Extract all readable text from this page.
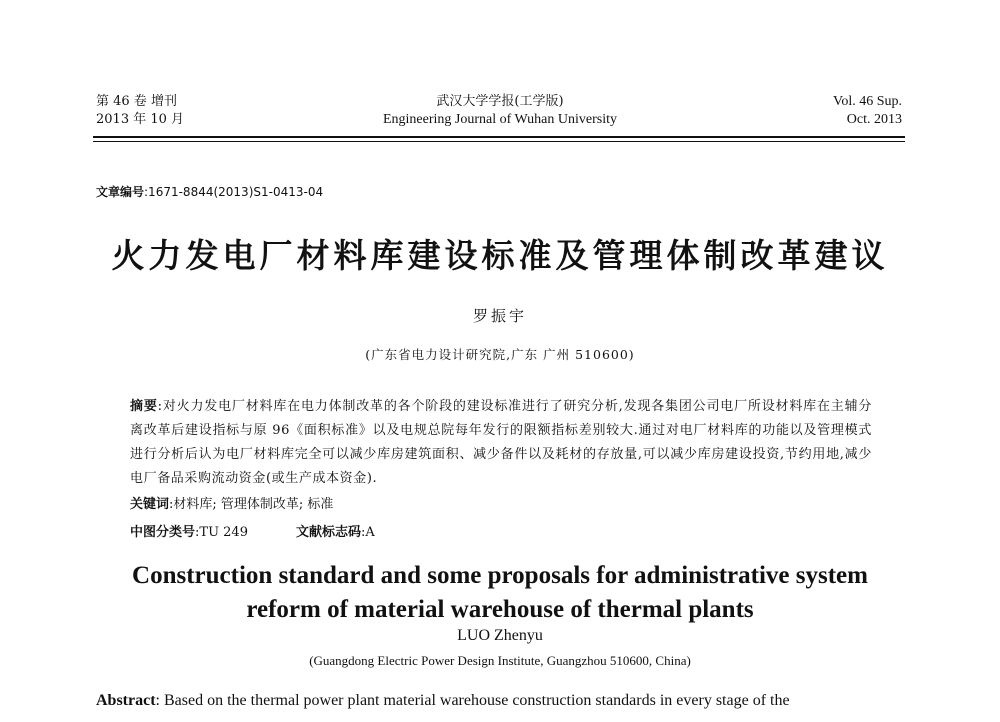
第 46 卷 增刊
2013 年 10 月
武汉大学学报(工学版)
Engineering Journal of Wuhan University
Vol. 46 Sup.
Oct. 2013
文章编号:1671-8844(2013)S1-0413-04
火力发电厂材料库建设标准及管理体制改革建议
罗振宇
(广东省电力设计研究院,广东 广州 510600)
摘要:对火力发电厂材料库在电力体制改革的各个阶段的建设标准进行了研究分析,发现各集团公司电厂所设材料库在主辅分离改革后建设指标与原 96《面积标准》以及电规总院每年发行的限额指标差别较大.通过对电厂材料库的功能以及管理模式进行分析后认为电厂材料库完全可以减少库房建筑面积、减少备件以及耗材的存放量,可以减少库房建设投资,节约用地,减少电厂备品采购流动资金(或生产成本资金).
关键词:材料库; 管理体制改革; 标准
中图分类号:TU 249	文献标志码:A
Construction standard and some proposals for administrative system
reform of material warehouse of thermal plants
LUO Zhenyu
(Guangdong Electric Power Design Institute, Guangzhou 510600, China)
Abstract: Based on the thermal power plant material warehouse construction standards in every stage of the
